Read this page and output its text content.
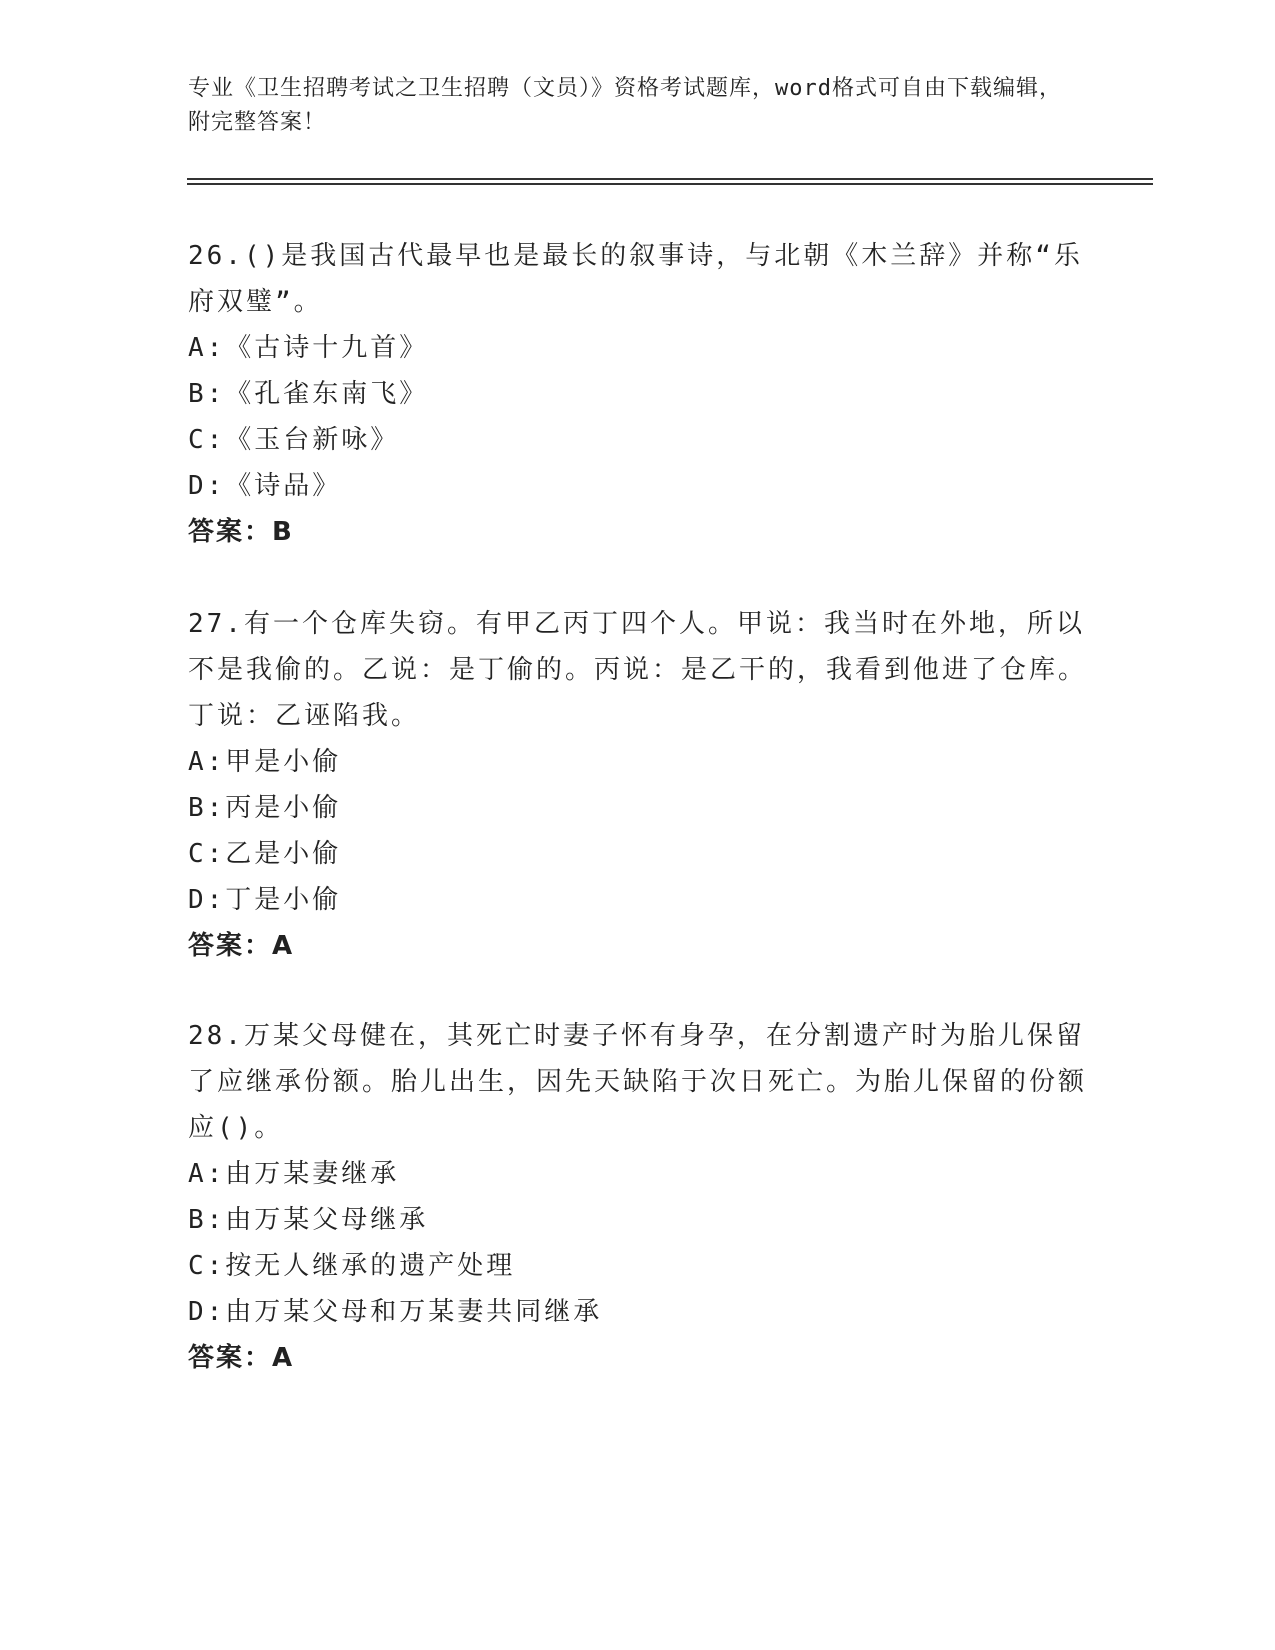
专业《卫生招聘考试之卫生招聘（文员）》资格考试题库，word格式可自由下载编辑，附完整答案！
26.()是我国古代最早也是最长的叙事诗，与北朝《木兰辞》并称“乐府双璧”。
A:《古诗十九首》
B:《孔雀东南飞》
C:《玉台新咏》
D:《诗品》
答案：B
27.有一个仓库失窃。有甲乙丙丁四个人。甲说：我当时在外地，所以不是我偷的。乙说：是丁偷的。丙说：是乙干的，我看到他进了仓库。丁说：乙诬陷我。
A:甲是小偷
B:丙是小偷
C:乙是小偷
D:丁是小偷
答案：A
28.万某父母健在，其死亡时妻子怀有身孕，在分割遗产时为胎儿保留了应继承份额。胎儿出生，因先天缺陷于次日死亡。为胎儿保留的份额应()。
A:由万某妻继承
B:由万某父母继承
C:按无人继承的遗产处理
D:由万某父母和万某妻共同继承
答案：A
